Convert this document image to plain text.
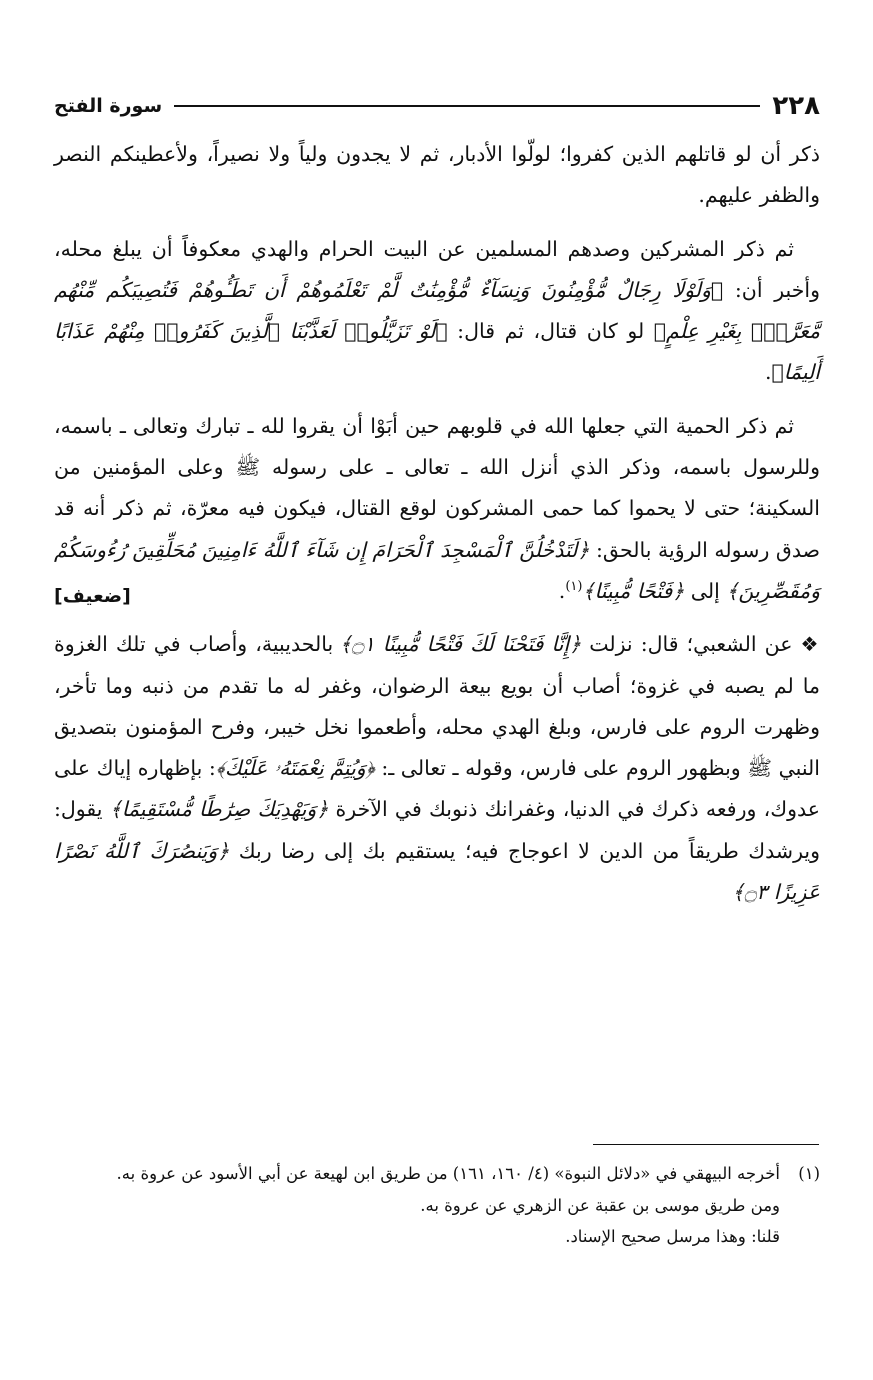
٢٢٨
سورة الفتح

ذكر أن لو قاتلهم الذين كفروا؛ لولّوا الأدبار، ثم لا يجدون ولياً ولا نصيراً، ولأعطينكم النصر والظفر عليهم.

ثم ذكر المشركين وصدهم المسلمين عن البيت الحرام والهدي معكوفاً أن يبلغ محله، وأخبر أن: ﴿وَلَوْلَا رِجَالٌ مُّؤْمِنُونَ وَنِسَآءٌ مُّؤْمِنَٰتٌ لَّمْ تَعْلَمُوهُمْ أَن تَطَـُٔوهُمْ فَتُصِيبَكُم مِّنْهُم مَّعَرَّةٌۢ بِغَيْرِ عِلْمٍ﴾ لو كان قتال، ثم قال: ﴿لَوْ تَزَيَّلُوا۟ لَعَذَّبْنَا ٱلَّذِينَ كَفَرُوا۟ مِنْهُمْ عَذَابًا أَلِيمًا﴾.

ثم ذكر الحمية التي جعلها الله في قلوبهم حين أبَوْا أن يقروا لله ـ تبارك وتعالى ـ باسمه، وللرسول باسمه، وذكر الذي أنزل الله ـ تعالى ـ على رسوله ﷺ وعلى المؤمنين من السكينة؛ حتى لا يحموا كما حمى المشركون لوقع القتال، فيكون فيه معرّة، ثم ذكر أنه قد صدق رسوله الرؤية بالحق: ﴿لَتَدْخُلُنَّ ٱلْمَسْجِدَ ٱلْحَرَامَ إِن شَآءَ ٱللَّهُ ءَامِنِينَ مُحَلِّقِينَ رُءُوسَكُمْ وَمُقَصِّرِينَ﴾ إلى ﴿فَتْحًا مُّبِينًا﴾$^{(١)}$.

[ضعيف]

❖ عن الشعبي؛ قال: نزلت ﴿إِنَّا فَتَحْنَا لَكَ فَتْحًا مُّبِينًا ۝١﴾ بالحديبية، وأصاب في تلك الغزوة ما لم يصبه في غزوة؛ أصاب أن بويع بيعة الرضوان، وغفر له ما تقدم من ذنبه وما تأخر، وظهرت الروم على فارس، وبلغ الهدي محله، وأطعموا نخل خيبر، وفرح المؤمنون بتصديق النبي ﷺ وبظهور الروم على فارس، وقوله ـ تعالى ـ: ﴿وَيُتِمَّ نِعْمَتَهُۥ عَلَيْكَ﴾: بإظهاره إياك على عدوك، ورفعه ذكرك في الدنيا، وغفرانك ذنوبك في الآخرة ﴿وَيَهْدِيَكَ صِرَٰطًا مُّسْتَقِيمًا﴾ يقول: ويرشدك طريقاً من الدين لا اعوجاج فيه؛ يستقيم بك إلى رضا ربك ﴿وَيَنصُرَكَ ٱللَّهُ نَصْرًا عَزِيزًا ۝٣﴾

(١)
أخرجه البيهقي في «دلائل النبوة» (٤/ ١٦٠، ١٦١) من طريق ابن لهيعة عن أبي الأسود عن عروة به.
ومن طريق موسى بن عقبة عن الزهري عن عروة به.
قلنا: وهذا مرسل صحيح الإسناد.
